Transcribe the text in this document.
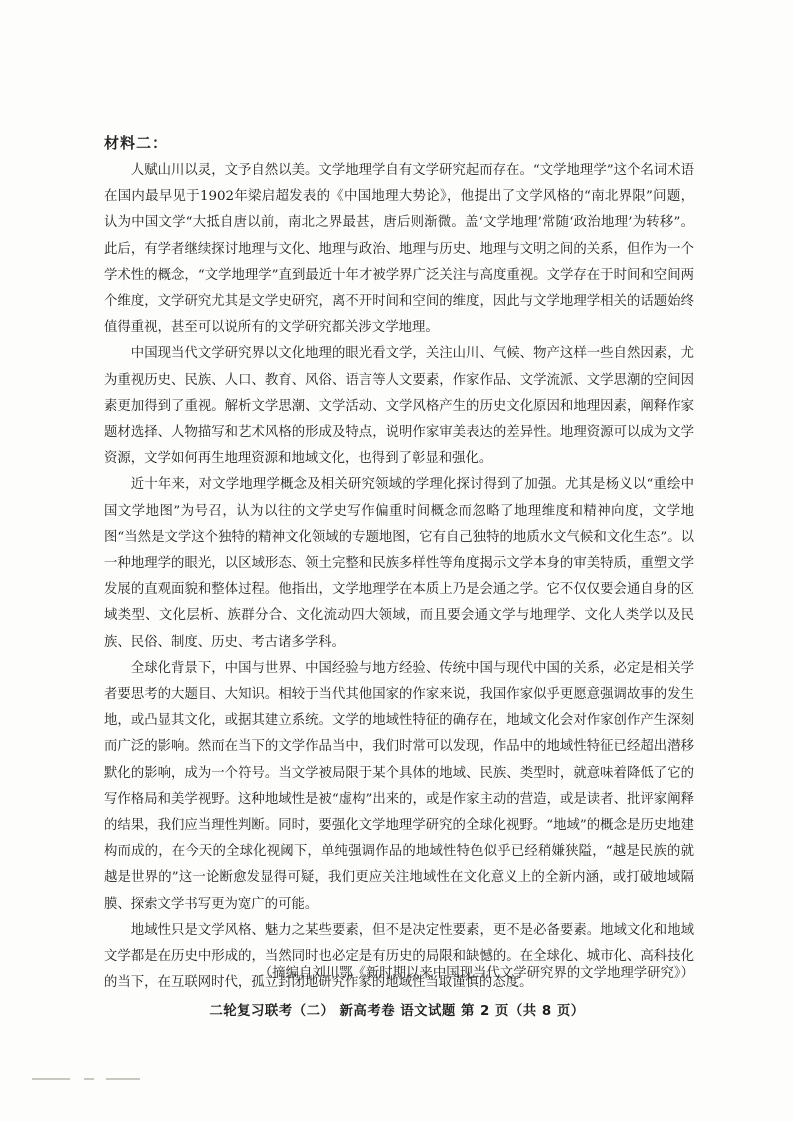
材料二：

人赋山川以灵，文予自然以美。文学地理学自有文学研究起而存在。“文学地理学”这个名词术语在国内最早见于1902年梁启超发表的《中国地理大势论》，他提出了文学风格的“南北界限”问题，认为中国文学“大抵自唐以前，南北之界最甚，唐后则渐微。盖‘文学地理’常随‘政治地理’为转移”。此后，有学者继续探讨地理与文化、地理与政治、地理与历史、地理与文明之间的关系，但作为一个学术性的概念，“文学地理学”直到最近十年才被学界广泛关注与高度重视。文学存在于时间和空间两个维度，文学研究尤其是文学史研究，离不开时间和空间的维度，因此与文学地理学相关的话题始终值得重视，甚至可以说所有的文学研究都关涉文学地理。

中国现当代文学研究界以文化地理的眼光看文学，关注山川、气候、物产这样一些自然因素，尤为重视历史、民族、人口、教育、风俗、语言等人文要素，作家作品、文学流派、文学思潮的空间因素更加得到了重视。解析文学思潮、文学活动、文学风格产生的历史文化原因和地理因素，阐释作家题材选择、人物描写和艺术风格的形成及特点，说明作家审美表达的差异性。地理资源可以成为文学资源，文学如何再生地理资源和地域文化，也得到了彰显和强化。

近十年来，对文学地理学概念及相关研究领域的学理化探讨得到了加强。尤其是杨义以“重绘中国文学地图”为号召，认为以往的文学史写作偏重时间概念而忽略了地理维度和精神向度，文学地图“当然是文学这个独特的精神文化领域的专题地图，它有自己独特的地质水文气候和文化生态”。以一种地理学的眼光，以区域形态、领土完整和民族多样性等角度揭示文学本身的审美特质，重塑文学发展的直观面貌和整体过程。他指出，文学地理学在本质上乃是会通之学。它不仅仅要会通自身的区域类型、文化层析、族群分合、文化流动四大领域，而且要会通文学与地理学、文化人类学以及民族、民俗、制度、历史、考古诸多学科。

全球化背景下，中国与世界、中国经验与地方经验、传统中国与现代中国的关系，必定是相关学者要思考的大题目、大知识。相较于当代其他国家的作家来说，我国作家似乎更愿意强调故事的发生地，或凸显其文化，或据其建立系统。文学的地域性特征的确存在，地域文化会对作家创作产生深刻而广泛的影响。然而在当下的文学作品当中，我们时常可以发现，作品中的地域性特征已经超出潜移默化的影响，成为一个符号。当文学被局限于某个具体的地域、民族、类型时，就意味着降低了它的写作格局和美学视野。这种地域性是被“虚构”出来的，或是作家主动的营造，或是读者、批评家阐释的结果，我们应当理性判断。同时，要强化文学地理学研究的全球化视野。“地域”的概念是历史地建构而成的，在今天的全球化视阈下，单纯强调作品的地域性特色似乎已经稍嫌狭隘，“越是民族的就越是世界的”这一论断愈发显得可疑，我们更应关注地域性在文化意义上的全新内涵，或打破地域隔膜、探索文学书写更为宽广的可能。

地域性只是文学风格、魅力之某些要素，但不是决定性要素，更不是必备要素。地域文化和地域文学都是在历史中形成的，当然同时也必定是有历史的局限和缺憾的。在全球化、城市化、高科技化的当下，在互联网时代，孤立封闭地研究作家的地域性当取谨慎的态度。

（摘编自刘川鄂《新时期以来中国现当代文学研究界的文学地理学研究》）
二轮复习联考（二） 新高考卷 语文试题 第 2 页（共 8 页）
